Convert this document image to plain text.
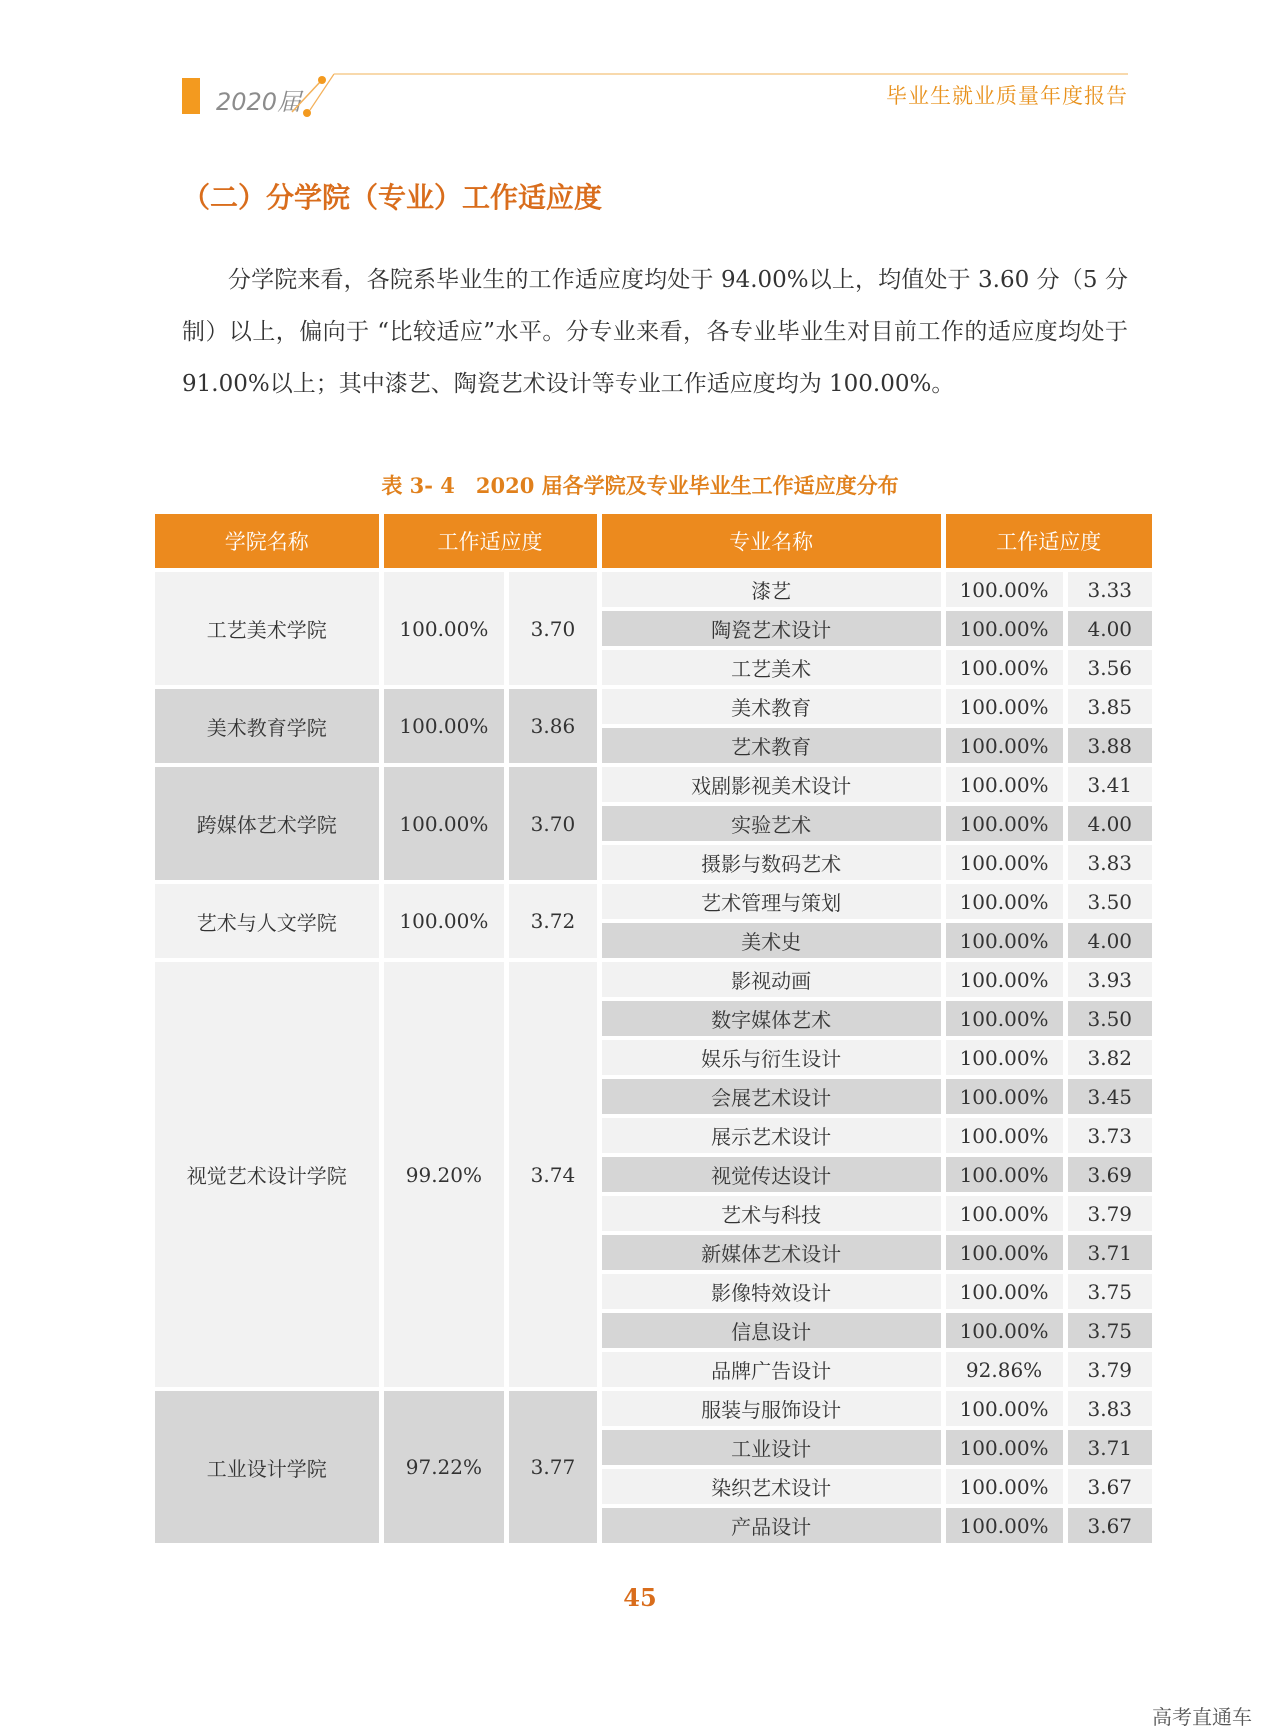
2020届	毕业生就业质量年度报告
（二）分学院（专业）工作适应度

分学院来看，各院系毕业生的工作适应度均处于 94.00%以上，均值处于 3.60 分（5 分制）以上，偏向于 “比较适应”水平。分专业来看，各专业毕业生对目前工作的适应度均处于 91.00%以上；其中漆艺、陶瓷艺术设计等专业工作适应度均为 100.00%。

表 3- 4　2020 届各学院及专业毕业生工作适应度分布
学院名称	工作适应度		专业名称	工作适应度	
工艺美术学院	100.00%	3.70	漆艺	100.00%	3.33
			陶瓷艺术设计	100.00%	4.00
			工艺美术	100.00%	3.56
美术教育学院	100.00%	3.86	美术教育	100.00%	3.85
			艺术教育	100.00%	3.88
跨媒体艺术学院	100.00%	3.70	戏剧影视美术设计	100.00%	3.41
			实验艺术	100.00%	4.00
			摄影与数码艺术	100.00%	3.83
艺术与人文学院	100.00%	3.72	艺术管理与策划	100.00%	3.50
			美术史	100.00%	4.00
视觉艺术设计学院	99.20%	3.74	影视动画	100.00%	3.93
			数字媒体艺术	100.00%	3.50
			娱乐与衍生设计	100.00%	3.82
			会展艺术设计	100.00%	3.45
			展示艺术设计	100.00%	3.73
			视觉传达设计	100.00%	3.69
			艺术与科技	100.00%	3.79
			新媒体艺术设计	100.00%	3.71
			影像特效设计	100.00%	3.75
			信息设计	100.00%	3.75
			品牌广告设计	92.86%	3.79
工业设计学院	97.22%	3.77	服装与服饰设计	100.00%	3.83
			工业设计	100.00%	3.71
			染织艺术设计	100.00%	3.67
			产品设计	100.00%	3.67
45
高考直通车
